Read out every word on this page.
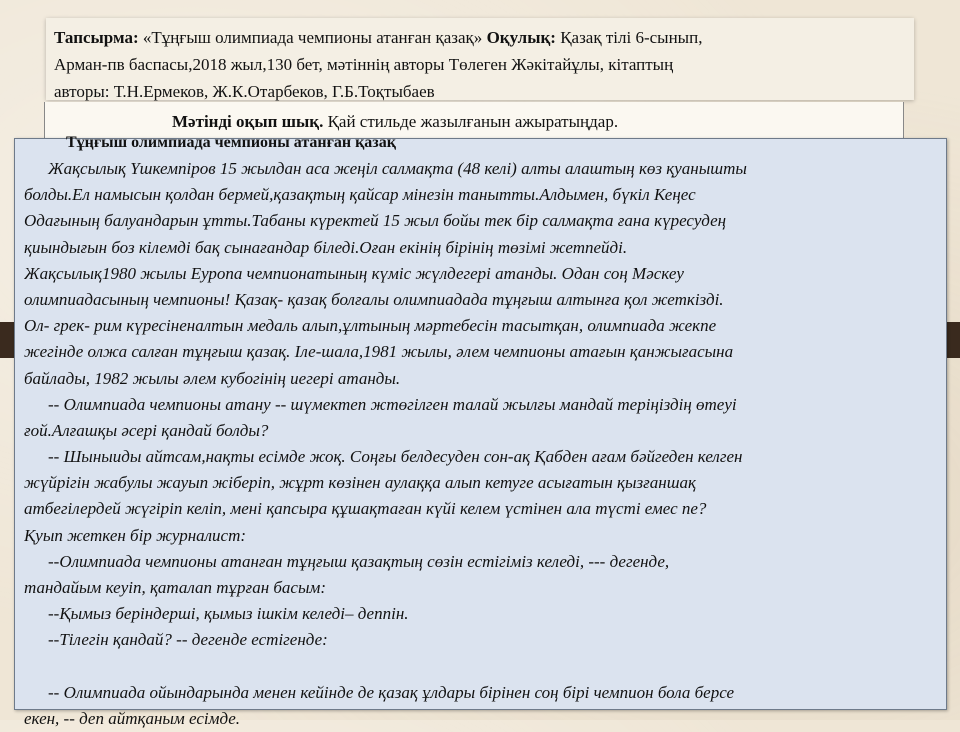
Тапсырма: «Тұңғыш олимпиада чемпионы атанған қазақ» Оқулық: Қазақ тілі 6-сынып,
Арман-пв баспасы,2018 жыл,130 бет, мәтіннің авторы Төлеген Жәкітайұлы, кітаптың
авторы: Т.Н.Ермеков, Ж.К.Отарбеков, Г.Б.Тоқтыбаев
Мәтінді оқып шық. Қай стильде жазылғанын ажыратыңдар.
Тұңғыш олимпиада чемпионы атанған қазақ
Жақсылық Үшкемпіров 15 жылдан аса жеңіл салмақта (48 келі) алты алаштың көз қуанышты
болды.Ел намысын қолдан бермей,қазақтың қайсар мінезін танытты.Алдымен, бүкіл Кеңес
Одағының балуандарын ұтты.Табаны күректей 15 жыл бойы тек бір салмақта ғана күресудең
қиындығын боз кілемді бақ сынағандар біледі.Оған екінің бірінің төзімі жетпейді.
Жақсылық1980 жылы Еуропа чемпионатының күміс жүлдегері атанды. Одан соң Мәскеу
олимпиадасының чемпионы! Қазақ- қазақ болғалы олимпиадада тұңғыш алтынға қол жеткізді.
Ол- грек- рим күресіненалтын медаль алып,ұлтының мәртебесін тасытқан, олимпиада жекпе
жегінде олжа салған тұңғыш қазақ. Іле-шала,1981 жылы, әлем чемпионы атағын қанжығасына
байлады, 1982 жылы әлем кубогінің иегері атанды.
-- Олимпиада чемпионы атану -- шүмектеп жтөгілген талай жылғы мандай теріңіздің өтеуі
ғой.Алғашқы әсері қандай болды?
-- Шыныиды айтсам,нақты есімде жоқ. Соңғы белдесуден сон-ақ Қабден ағам бәйгеден келген
жүйрігін жабулы жауып жіберіп, жұрт көзінен аулаққа алып кетуге асығатын қызғаншақ
атбегілердей жүгіріп келіп, мені қапсыра құшақтаған күйі келем үстінен ала түсті емес пе?
Қуып жеткен бір журналист:
--Олимпиада чемпионы атанған тұңғыш қазақтың сөзін естігіміз келеді, --- дегенде,
тандайым кеуіп, қаталап тұрған басым:
--Қымыз беріндерші, қымыз ішкім келеді– деппін.
--Тілегін қандай? -- дегенде естігенде:
-- Олимпиада ойындарында менен кейінде де қазақ ұлдары бірінен соң бірі чемпион бола берсе
екен, -- деп айтқаным есімде.
